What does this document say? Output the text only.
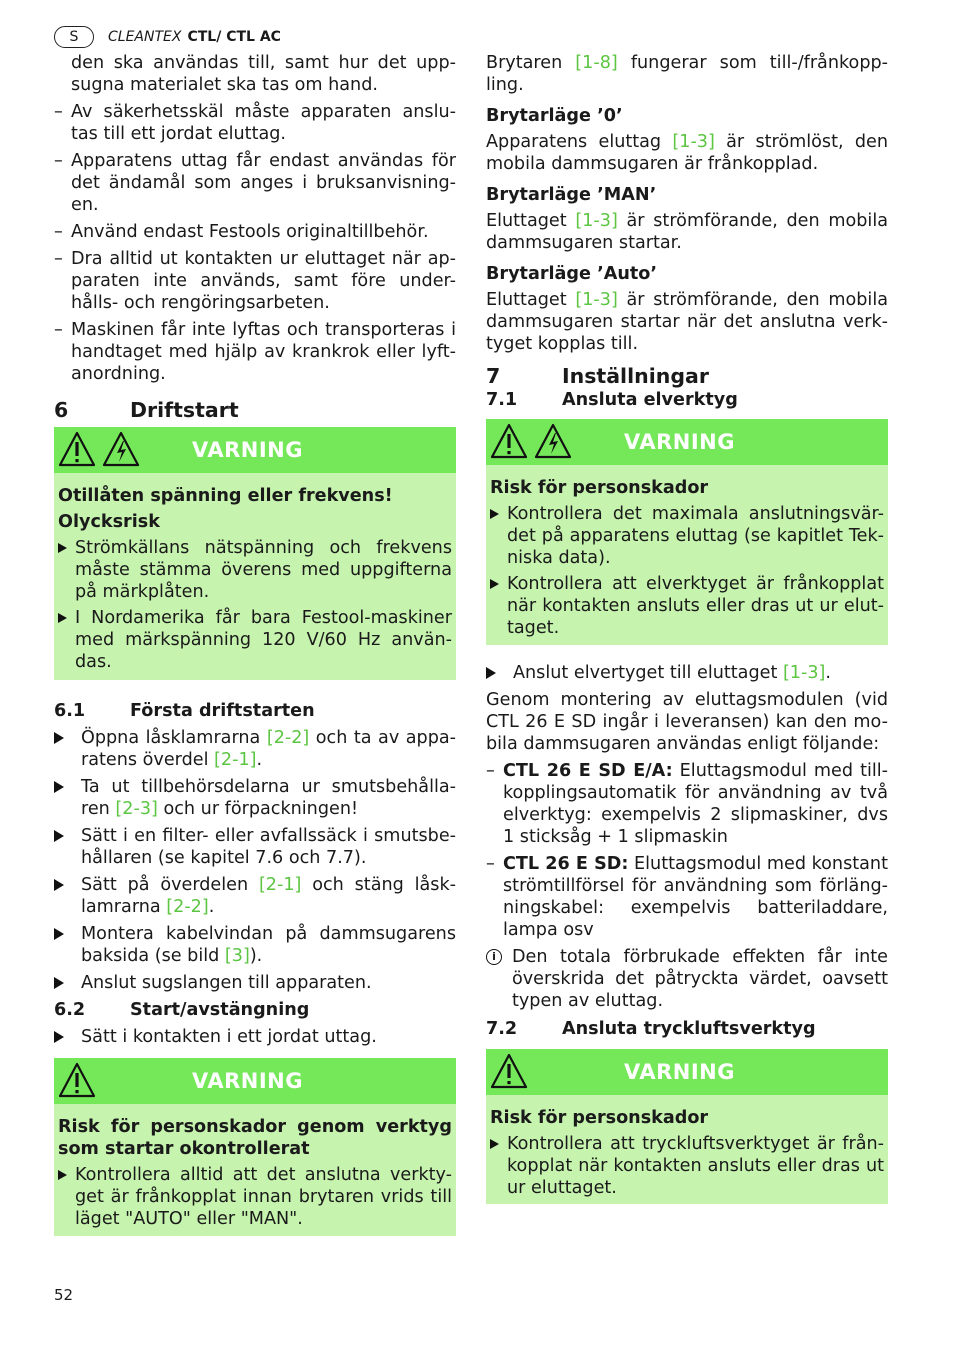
S	CLEANTEX CTL/ CTL AC

den ska användas till, samt hur det upp-sugna materialet ska tas om hand.

– Av säkerhetsskäl måste apparaten anslu-tas till ett jordat eluttag.

– Apparatens uttag får endast användas för det ändamål som anges i bruksanvisning-en.

– Använd endast Festools originaltillbehör.

– Dra alltid ut kontakten ur eluttaget när ap-paraten inte används, samt före under-hålls- och rengöringsarbeten.

– Maskinen får inte lyftas och transporteras i handtaget med hjälp av krankrok eller lyft-anordning.

6	Driftstart
VARNING

Otillåten spänning eller frekvens!

Olycksrisk

Strömkällans nätspänning och frekvens måste stämma överens med uppgifterna på märkplåten.

I Nordamerika får bara Festool-maskiner med märkspänning 120 V/60 Hz använ-das.

6.1	Första driftstarten

Öppna låsklamrarna [2-2] och ta av appa-ratens överdel [2-1].

Ta ut tillbehörsdelarna ur smutsbehålla-ren [2-3] och ur förpackningen!

Sätt i en filter- eller avfallssäck i smutsbe-hållaren (se kapitel 7.6 och 7.7).

Sätt på överdelen [2-1] och stäng låsk-lamrarna [2-2].

Montera kabelvindan på dammsugarens baksida (se bild [3]).

Anslut sugslangen till apparaten.

6.2	Start/avstängning

Sätt i kontakten i ett jordat uttag.

VARNING

Risk för personskador genom verktyg som startar okontrollerat

Kontrollera alltid att det anslutna verkty-get är frånkopplat innan brytaren vrids till läget "AUTO" eller "MAN".

Brytaren [1-8] fungerar som till-/frånkopp-ling.

Brytarläge ’0’

Apparatens eluttag [1-3] är strömlöst, den mobila dammsugaren är frånkopplad.

Brytarläge ’MAN’

Eluttaget [1-3] är strömförande, den mobila dammsugaren startar.

Brytarläge ’Auto’

Eluttaget [1-3] är strömförande, den mobila dammsugaren startar när det anslutna verk-tyget kopplas till.

7	Inställningar
7.1	Ansluta elverktyg
VARNING

Risk för personskador

Kontrollera det maximala anslutningsvär-det på apparatens eluttag (se kapitlet Tek-niska data).

Kontrollera att elverktyget är frånkopplat när kontakten ansluts eller dras ut ur elut-taget.

Anslut elvertyget till eluttaget [1-3].

Genom montering av eluttagsmodulen (vid CTL 26 E SD ingår i leveransen) kan den mo-bila dammsugaren användas enligt följande:

– CTL 26 E SD E/A: Eluttagsmodul med till-kopplingsautomatik för användning av två elverktyg: exempelvis 2 slipmaskiner, dvs 1 sticksåg + 1 slipmaskin

– CTL 26 E SD: Eluttagsmodul med konstant strömtillförsel för användning som förläng-ningskabel: exempelvis batteriladdare, lampa osv

i Den totala förbrukade effekten får inte överskrida det påtryckta värdet, oavsett typen av eluttag.

7.2	Ansluta tryckluftsverktyg
VARNING

Risk för personskador

Kontrollera att tryckluftsverktyget är från-kopplat när kontakten ansluts eller dras ut ur eluttaget.

52
